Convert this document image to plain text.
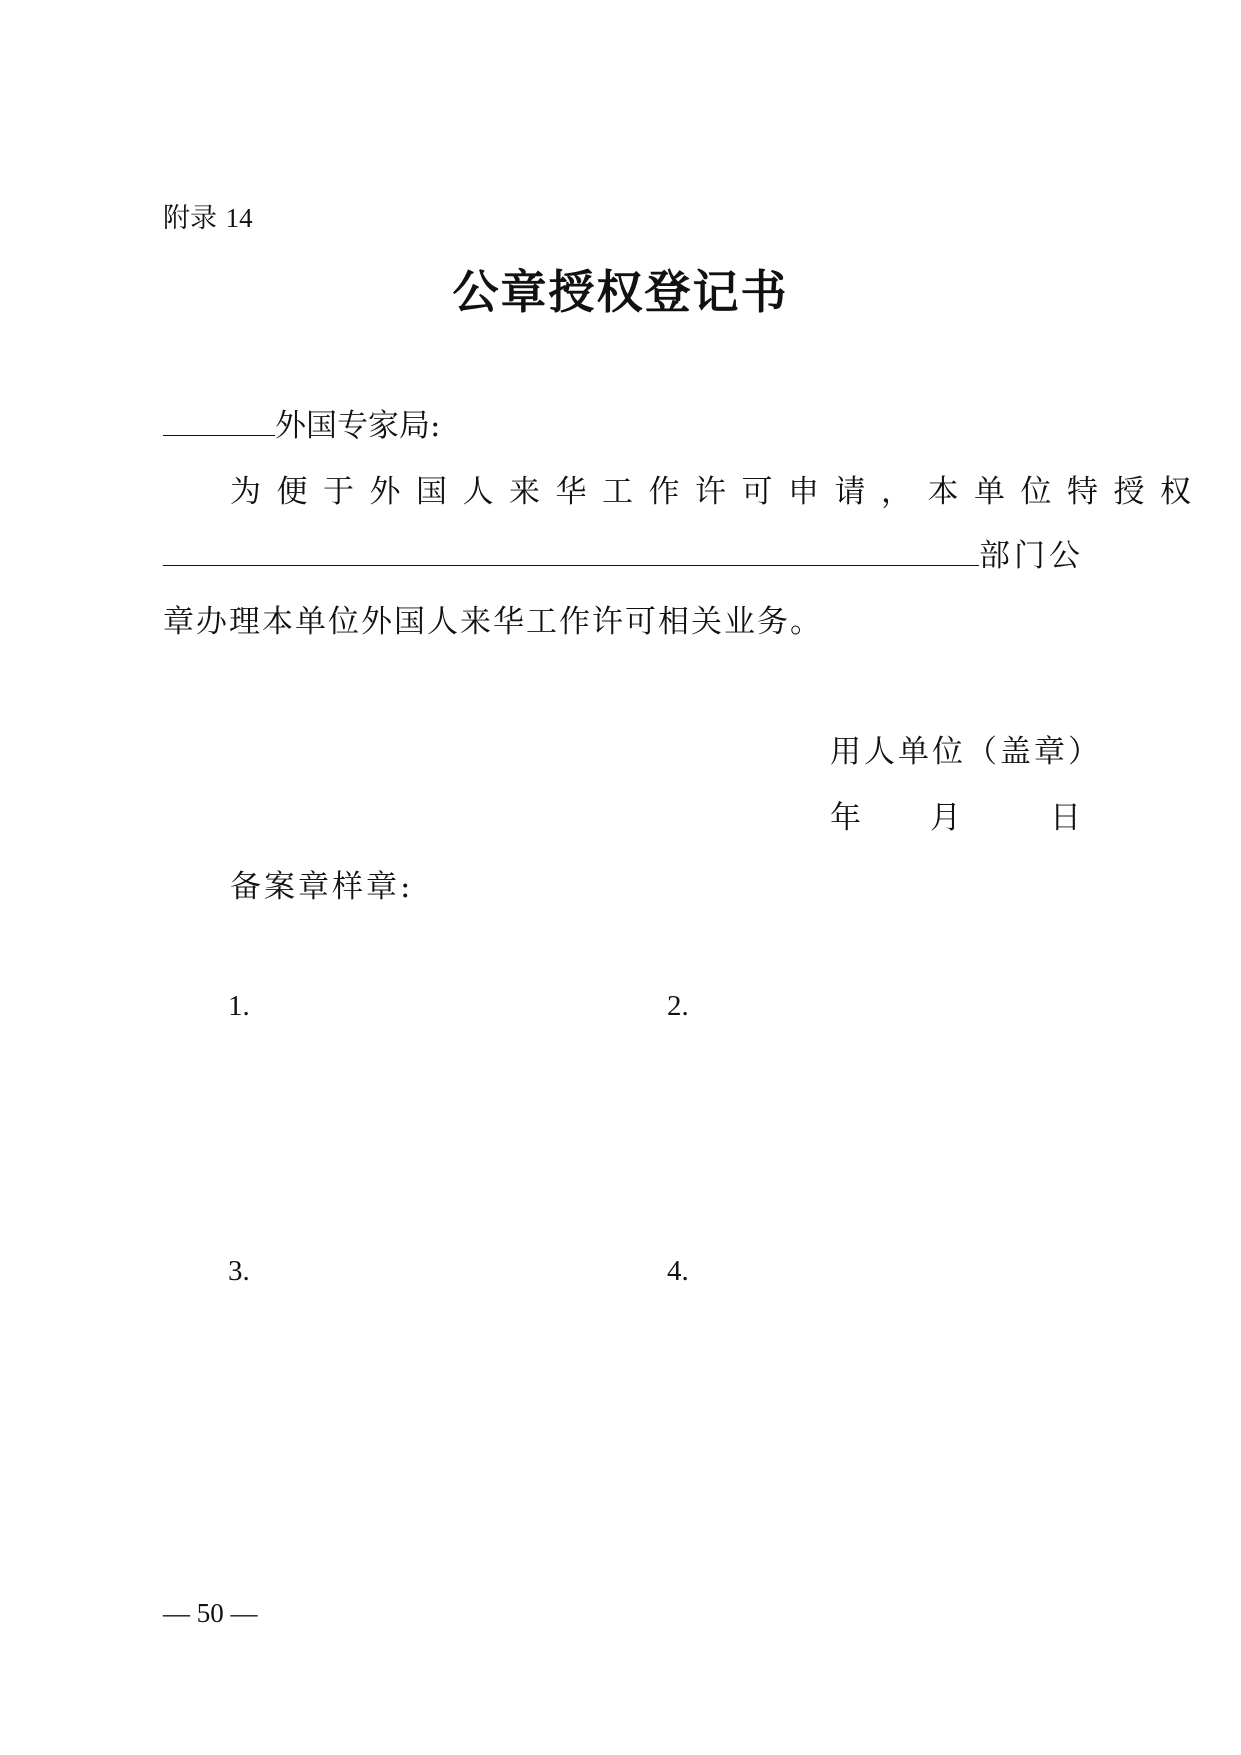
附录 14
公章授权登记书
外国专家局:
为便于外国人来华工作许可申请，本单位特授权
部门公
章办理本单位外国人来华工作许可相关业务。
用人单位（盖章）
年 月	日
备案章样章:
1.	2.
3.	4.
— 50 —
